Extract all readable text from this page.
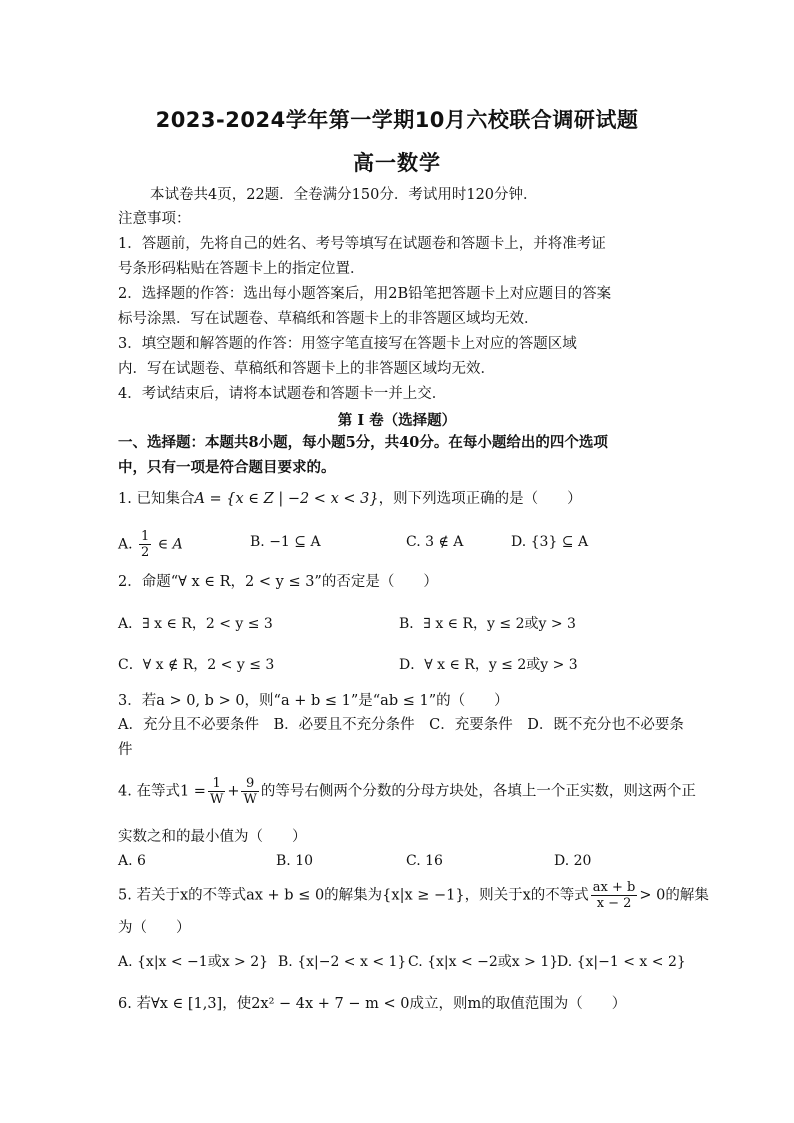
2023-2024学年第一学期10月六校联合调研试题
高一数学
本试卷共4页，22题．全卷满分150分．考试用时120分钟．
注意事项：
1．答题前，先将自己的姓名、考号等填写在试题卷和答题卡上，并将准考证
号条形码粘贴在答题卡上的指定位置．
2．选择题的作答：选出每小题答案后，用2B铅笔把答题卡上对应题目的答案
标号涂黑．写在试题卷、草稿纸和答题卡上的非答题区域均无效．
3．填空题和解答题的作答：用签字笔直接写在答题卡上对应的答题区域
内．写在试题卷、草稿纸和答题卡上的非答题区域均无效．
4．考试结束后，请将本试题卷和答题卡一并上交．
第 Ⅰ 卷（选择题）
一、选择题：本题共8小题，每小题5分，共40分。在每小题给出的四个选项
中，只有一项是符合题目要求的。
1. 已知集合A = {x ∈ Z | −2 < x < 3}，则下列选项正确的是（　　）
A. $\frac{1}{2}$ ∈ A	B. −1 ⊆ A	C. 3 ∉ A	D. {3} ⊆ A
2．命题“∀ x ∈ R，2 < y ≤ 3”的否定是（　　）
A．∃ x ∈ R，2 < y ≤ 3	B．∃ x ∈ R，y ≤ 2或y > 3
C．∀ x ∉ R，2 < y ≤ 3	D．∀ x ∈ R，y ≤ 2或y > 3
3．若a > 0, b > 0，则“a + b ≤ 1”是“ab ≤ 1”的（　　）
A．充分且不必要条件　B．必要且不充分条件　C．充要条件　D．既不充分也不必要条
件
4. 在等式$1 = \frac{1}{W} + \frac{9}{W}$ 的等号右侧两个分数的分母方块处，各填上一个正实数，则这两个正
实数之和的最小值为（　　）
A. 6	B. 10	C. 16	D. 20
5. 若关于x的不等式ax + b ≤ 0的解集为{x|x ≥ −1}，则关于x的不等式 $\frac{ax + b}{x - 2} > 0$的解集
为（　　）
A. {x|x < −1或x > 2} B. {x|−2 < x < 1} C. {x|x < −2或x > 1}
D. {x|−1 < x < 2}
6. 若∀x ∈ [1,3]，使2x² − 4x + 7 − m < 0成立，则m的取值范围为（　　）
